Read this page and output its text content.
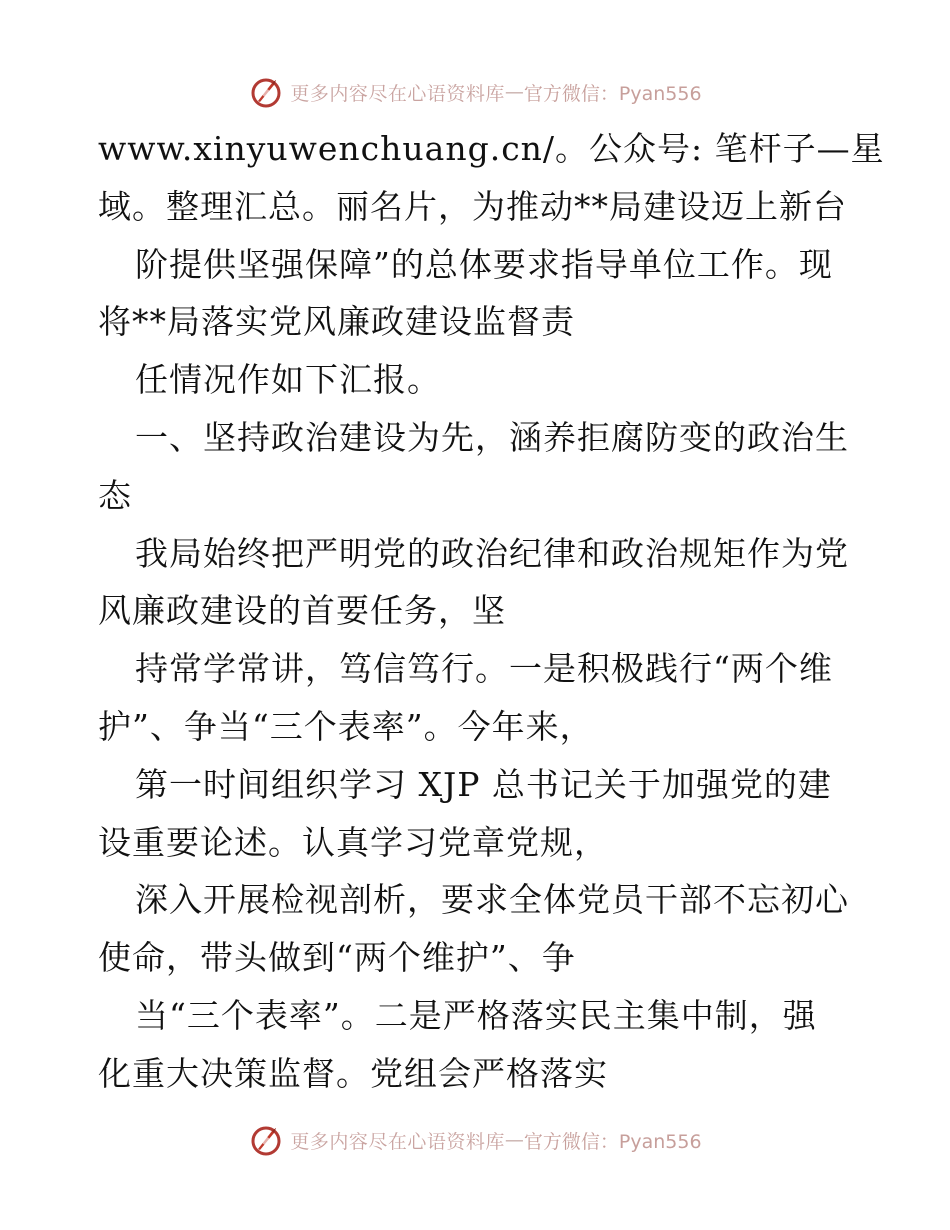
更多内容尽在心语资料库 — 官方微信：Pyan556
www.xinyuwenchuang.cn/。公众号: 笔杆子—星
域。整理汇总。丽名片，为推动**局建设迈上新台
阶提供坚强保障”的总体要求指导单位工作。现
将**局落实党风廉政建设监督责
任情况作如下汇报。
一、坚持政治建设为先，涵养拒腐防变的政治生
态
我局始终把严明党的政治纪律和政治规矩作为党
风廉政建设的首要任务，坚
持常学常讲，笃信笃行。一是积极践行“两个维
护”、争当“三个表率”。今年来，
第一时间组织学习 XJP 总书记关于加强党的建
设重要论述。认真学习党章党规，
深入开展检视剖析，要求全体党员干部不忘初心
使命，带头做到“两个维护”、争
当“三个表率”。二是严格落实民主集中制，强
化重大决策监督。党组会严格落实
更多内容尽在心语资料库 — 官方微信：Pyan556
